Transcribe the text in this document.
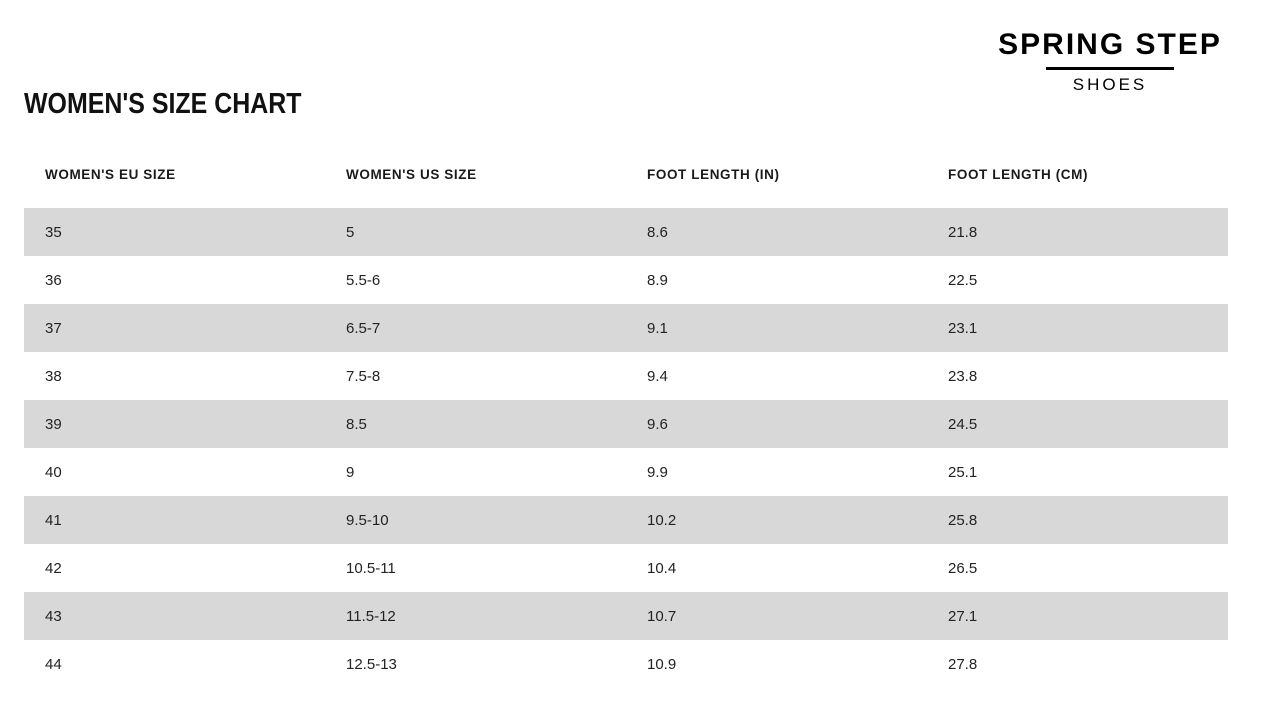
SPRING STEP
SHOES
WOMEN'S SIZE CHART
WOMEN'S EU SIZE	WOMEN'S US SIZE	FOOT LENGTH (IN)	FOOT LENGTH (CM)
35	5	8.6	21.8
36	5.5-6	8.9	22.5
37	6.5-7	9.1	23.1
38	7.5-8	9.4	23.8
39	8.5	9.6	24.5
40	9	9.9	25.1
41	9.5-10	10.2	25.8
42	10.5-11	10.4	26.5
43	11.5-12	10.7	27.1
44	12.5-13	10.9	27.8
